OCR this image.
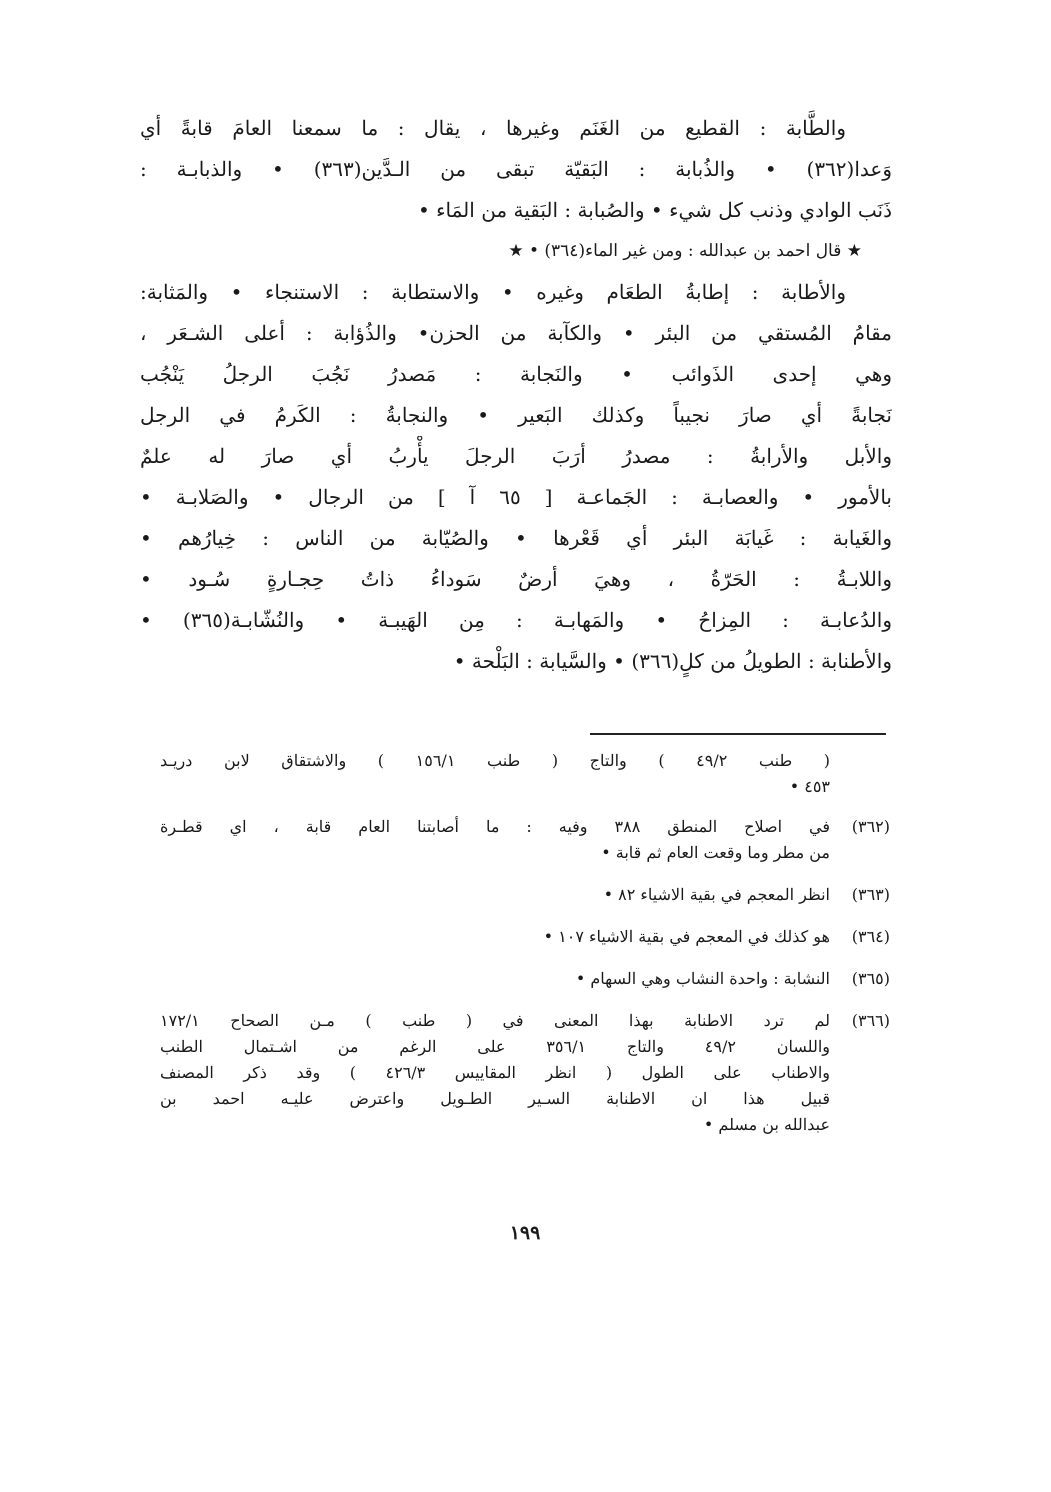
والطَّابة : القطيع من الغَنَم وغيرها ، يقال : ما سمعنا العامَ قابةً أي
وَعدا(٣٦٢) • والذُبابة : البَقيّة تبقى من الـدَّين(٣٦٣) • والذبابـة :
ذَنَب الوادي وذنب كل شيء • والصُبابة : البَقية من المَاء •
★ قال احمد بن عبدالله : ومن غير الماء(٣٦٤) • ★
والأطابة : إطابةُ الطعَام وغيره • والاستطابة : الاستنجاء • والمَثابة:
مقامُ المُستقي من البئر • والكآبة من الحزن• والذُؤابة : أعلى الشـعَر ،
وهي إحدى الذَوائب • والنَجابة : مَصدرُ نَجُبَ الرجلُ يَنْجُب
نَجابةً أي صارَ نجيباً وكذلك البَعير • والنجابةُ : الكَرمُ في الرجل
والأبل والأرابةُ : مصدرُ أرَبَ الرجلَ يأْربُ أي صارَ له علمٌ
بالأمور • والعصابـة : الجَماعـة [ ٦٥ آ ] من الرجال • والصَلابـة •
والغَيابة : غَيابَة البئر أي قَعْرها • والصُيّابة من الناس : خِيارُهم •
واللابـةُ : الحَرّةُ ، وهيَ أرضٌ سَوداءُ ذاتُ حِجـارةٍ سُـود •
والدُعابـة : المِزاحُ • والمَهابـة : مِن الهَيبـة • والنُشّابـة(٣٦٥) •
والأطنابة : الطويلُ من كلٍ(٣٦٦) • والسَّيابة : البَلْحة •
( طنب ٤٩/٢ ) والتاج ( طنب ١٥٦/١ ) والاشتقاق لابن دريـد
٤٥٣ •
(٣٦٢)
في اصلاح المنطق ٣٨٨ وفيه : ما أصابتنا العام قابة ، اي قطـرة
من مطر وما وقعت العام ثم قابة •
(٣٦٣)
انظر المعجم في بقية الاشياء ٨٢ •
(٣٦٤)
هو كذلك في المعجم في بقية الاشياء ١٠٧ •
(٣٦٥)
النشابة : واحدة النشاب وهي السهام •
(٣٦٦)
لم ترد الاطنابة بهذا المعنى في ( طنب ) مـن الصحاح ١٧٢/١
واللسان ٤٩/٢ والتاج ٣٥٦/١ على الرغم من اشـتمال الطنب
والاطناب على الطول ( انظر المقاييس ٤٢٦/٣ ) وقد ذكر المصنف
قبيل هذا ان الاطنابة السـير الطـويل واعترض عليـه احمد بن
عبدالله بن مسلم •
١٩٩
